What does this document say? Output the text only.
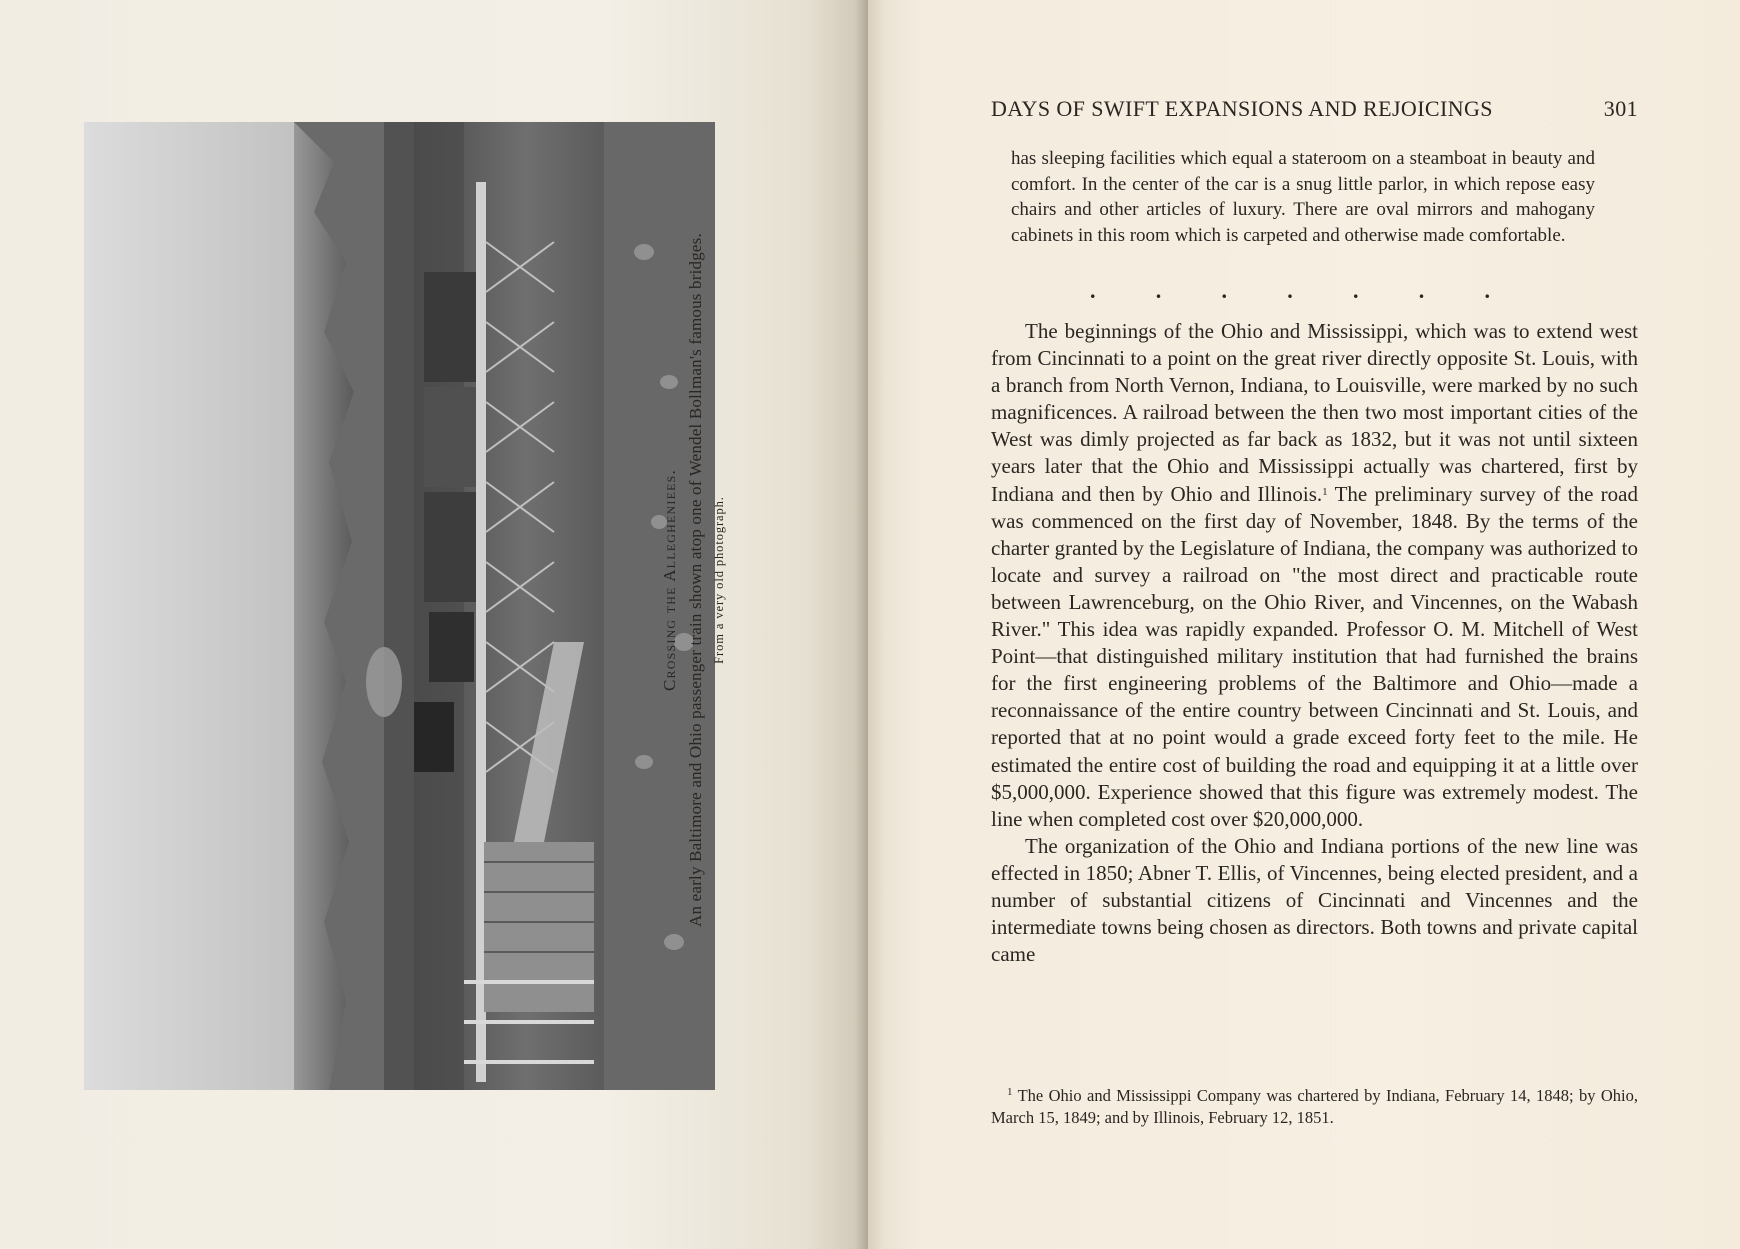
Crossing the Allegheniees. An early Baltimore and Ohio passenger train shown atop one of Wendel Bollman's famous bridges. From a very old photograph.

DAYS OF SWIFT EXPANSIONS AND REJOICINGS	301

has sleeping facilities which equal a stateroom on a steamboat in beauty and comfort. In the center of the car is a snug little parlor, in which repose easy chairs and other articles of luxury. There are oval mirrors and mahogany cabinets in this room which is carpeted and otherwise made comfortable.

.	.	.	.	.	.	.

The beginnings of the Ohio and Mississippi, which was to extend west from Cincinnati to a point on the great river directly opposite St. Louis, with a branch from North Vernon, Indiana, to Louisville, were marked by no such magnificences. A railroad between the then two most important cities of the West was dimly projected as far back as 1832, but it was not until sixteen years later that the Ohio and Mississippi actually was chartered, first by Indiana and then by Ohio and Illinois.$^1$ The preliminary survey of the road was commenced on the first day of November, 1848. By the terms of the charter granted by the Legislature of Indiana, the company was authorized to locate and survey a railroad on "the most direct and practicable route between Lawrenceburg, on the Ohio River, and Vincennes, on the Wabash River." This idea was rapidly expanded. Professor O. M. Mitchell of West Point—that distinguished military institution that had furnished the brains for the first engineering problems of the Baltimore and Ohio—made a reconnaissance of the entire country between Cincinnati and St. Louis, and reported that at no point would a grade exceed forty feet to the mile. He estimated the entire cost of building the road and equipping it at a little over $5,000,000. Experience showed that this figure was extremely modest. The line when completed cost over $20,000,000.

The organization of the Ohio and Indiana portions of the new line was effected in 1850; Abner T. Ellis, of Vincennes, being elected president, and a number of substantial citizens of Cincinnati and Vincennes and the intermediate towns being chosen as directors. Both towns and private capital came

$^1$ The Ohio and Mississippi Company was chartered by Indiana, February 14, 1848; by Ohio, March 15, 1849; and by Illinois, February 12, 1851.
